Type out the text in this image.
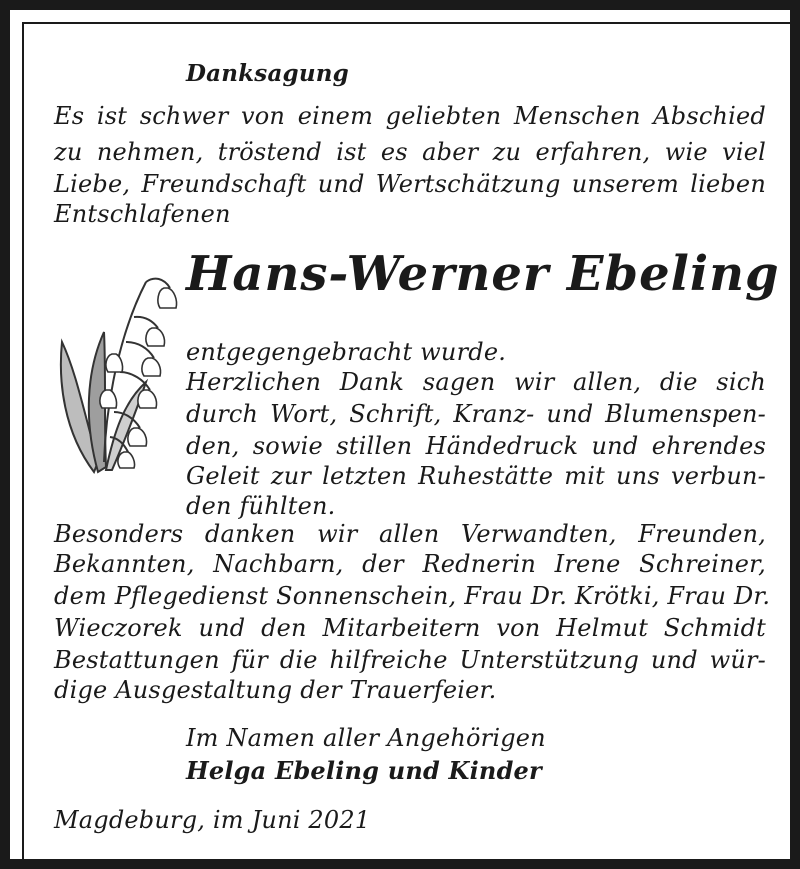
Danksagung
Es ist schwer von einem geliebten Menschen Abschied
zu nehmen, tröstend ist es aber zu erfahren, wie viel
Liebe, Freundschaft und Wertschätzung unserem lieben
Entschlafenen
Hans-Werner Ebeling
entgegengebracht wurde.
Herzlichen Dank sagen wir allen, die sich
durch Wort, Schrift, Kranz- und Blumenspen-
den, sowie stillen Händedruck und ehrendes
Geleit zur letzten Ruhestätte mit uns verbun-
den fühlten.
Besonders danken wir allen Verwandten, Freunden,
Bekannten, Nachbarn, der Rednerin Irene Schreiner,
dem Pflegedienst Sonnenschein, Frau Dr. Krötki, Frau Dr.
Wieczorek und den Mitarbeitern von Helmut Schmidt
Bestattungen für die hilfreiche Unterstützung und wür-
dige Ausgestaltung der Trauerfeier.
Im Namen aller Angehörigen
Helga Ebeling und Kinder
Magdeburg, im Juni 2021
